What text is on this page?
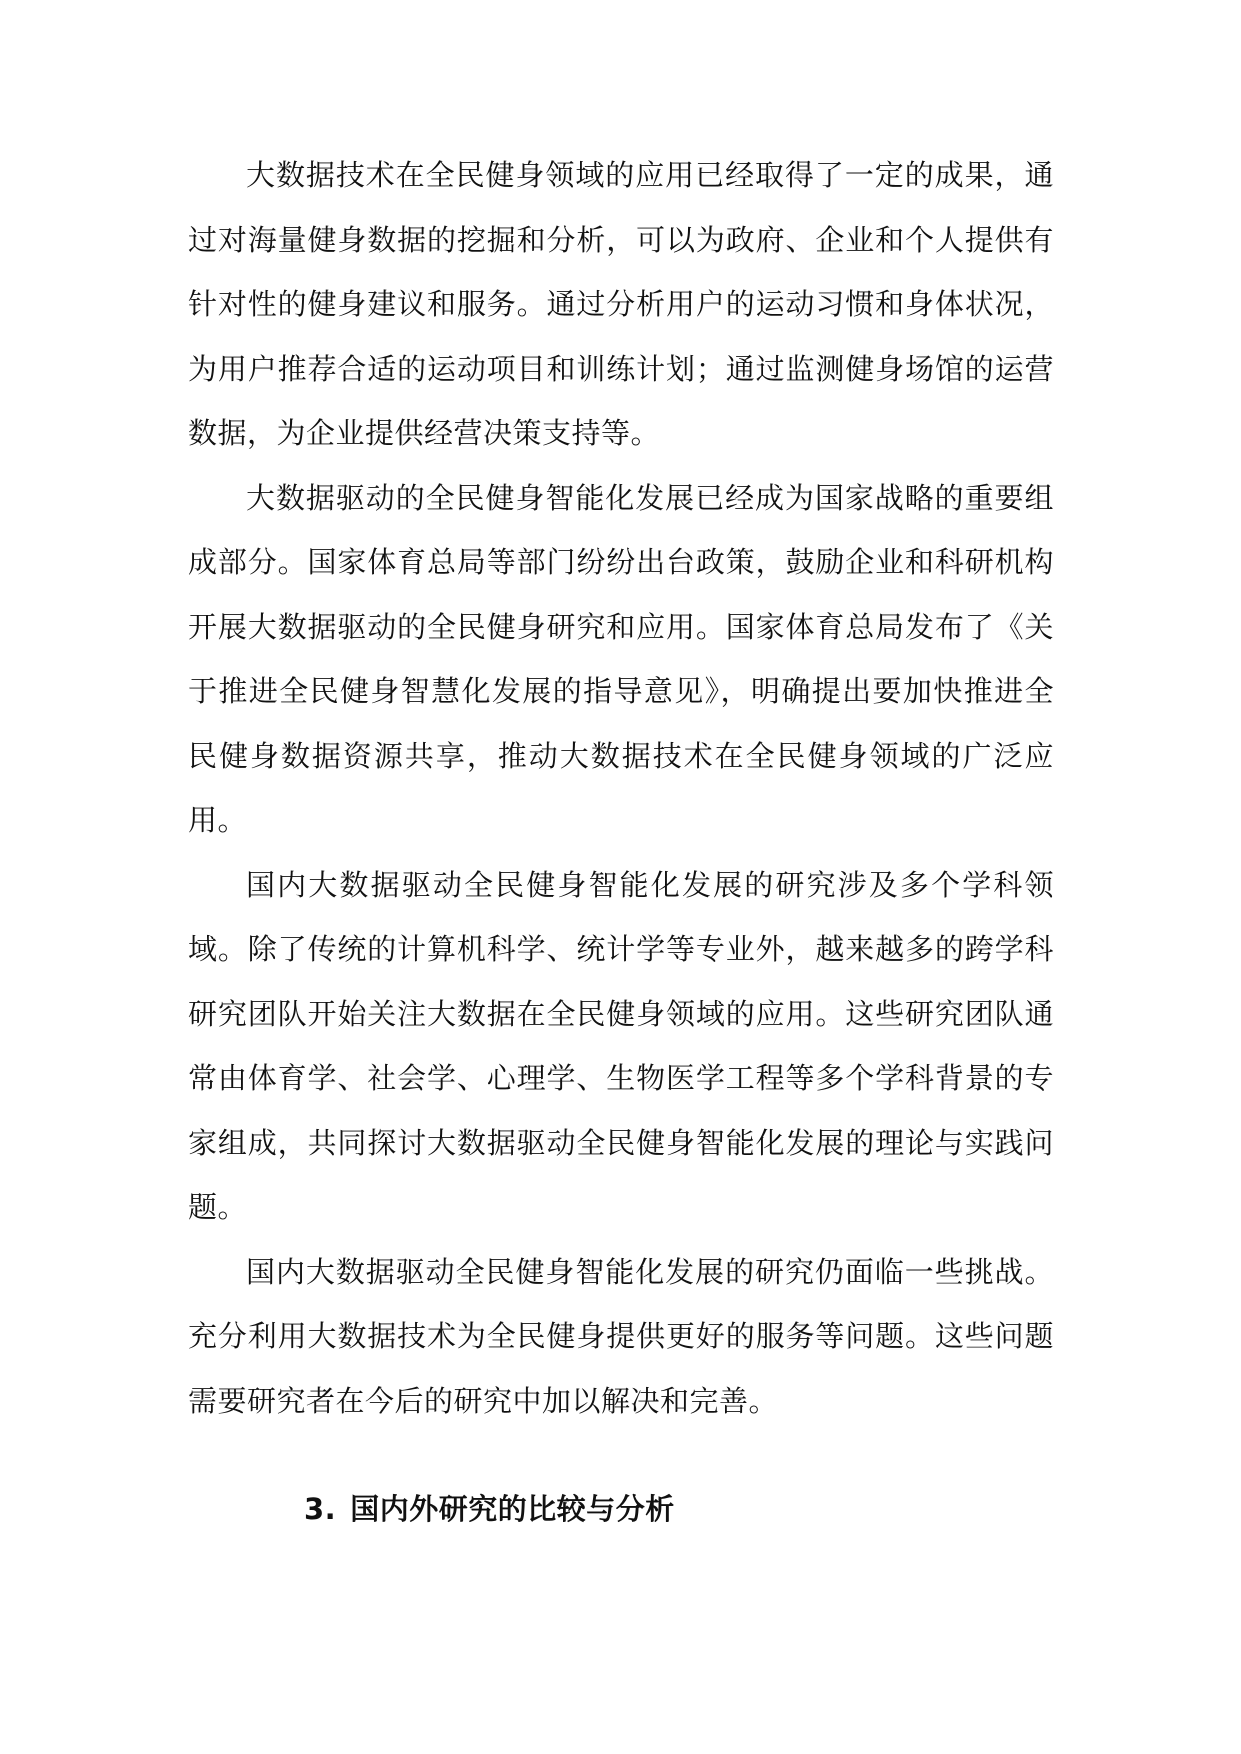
大数据技术在全民健身领域的应用已经取得了一定的成果，通过对海量健身数据的挖掘和分析，可以为政府、企业和个人提供有针对性的健身建议和服务。通过分析用户的运动习惯和身体状况，为用户推荐合适的运动项目和训练计划；通过监测健身场馆的运营数据，为企业提供经营决策支持等。

大数据驱动的全民健身智能化发展已经成为国家战略的重要组成部分。国家体育总局等部门纷纷出台政策，鼓励企业和科研机构开展大数据驱动的全民健身研究和应用。国家体育总局发布了《关于推进全民健身智慧化发展的指导意见》，明确提出要加快推进全民健身数据资源共享，推动大数据技术在全民健身领域的广泛应用。

国内大数据驱动全民健身智能化发展的研究涉及多个学科领域。除了传统的计算机科学、统计学等专业外，越来越多的跨学科研究团队开始关注大数据在全民健身领域的应用。这些研究团队通常由体育学、社会学、心理学、生物医学工程等多个学科背景的专家组成，共同探讨大数据驱动全民健身智能化发展的理论与实践问题。

国内大数据驱动全民健身智能化发展的研究仍面临一些挑战。充分利用大数据技术为全民健身提供更好的服务等问题。这些问题需要研究者在今后的研究中加以解决和完善。

3. 国内外研究的比较与分析
